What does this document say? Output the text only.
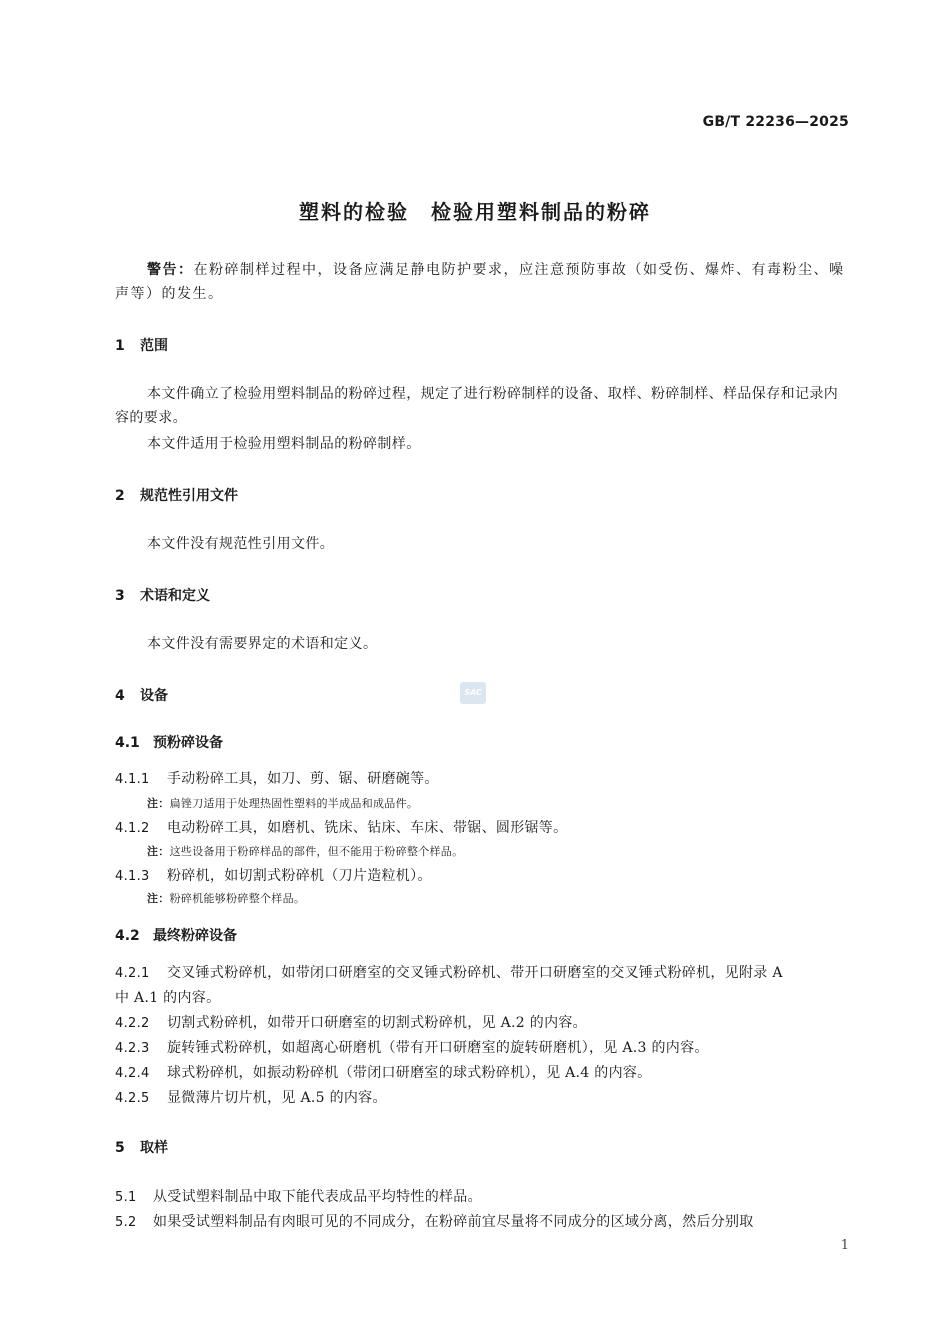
GB/T 22236—2025
塑料的检验　检验用塑料制品的粉碎
警告：在粉碎制样过程中，设备应满足静电防护要求，应注意预防事故（如受伤、爆炸、有毒粉尘、噪声等）的发生。
1 范围
本文件确立了检验用塑料制品的粉碎过程，规定了进行粉碎制样的设备、取样、粉碎制样、样品保存和记录内容的要求。
本文件适用于检验用塑料制品的粉碎制样。
2 规范性引用文件
本文件没有规范性引用文件。
3 术语和定义
本文件没有需要界定的术语和定义。
4 设备	SAC
4.1 预粉碎设备
4.1.1 手动粉碎工具，如刀、剪、锯、研磨碗等。
注：扁锉刀适用于处理热固性塑料的半成品和成品件。
4.1.2 电动粉碎工具，如磨机、铣床、钻床、车床、带锯、圆形锯等。
注：这些设备用于粉碎样品的部件，但不能用于粉碎整个样品。
4.1.3 粉碎机，如切割式粉碎机（刀片造粒机）。
注：粉碎机能够粉碎整个样品。
4.2 最终粉碎设备
4.2.1 交叉锤式粉碎机，如带闭口研磨室的交叉锤式粉碎机、带开口研磨室的交叉锤式粉碎机，见附录 A
中 A.1 的内容。
4.2.2 切割式粉碎机，如带开口研磨室的切割式粉碎机，见 A.2 的内容。
4.2.3 旋转锤式粉碎机，如超离心研磨机（带有开口研磨室的旋转研磨机），见 A.3 的内容。
4.2.4 球式粉碎机，如振动粉碎机（带闭口研磨室的球式粉碎机），见 A.4 的内容。
4.2.5 显微薄片切片机，见 A.5 的内容。
5 取样
5.1 从受试塑料制品中取下能代表成品平均特性的样品。
5.2 如果受试塑料制品有肉眼可见的不同成分，在粉碎前宜尽量将不同成分的区域分离，然后分别取
1
